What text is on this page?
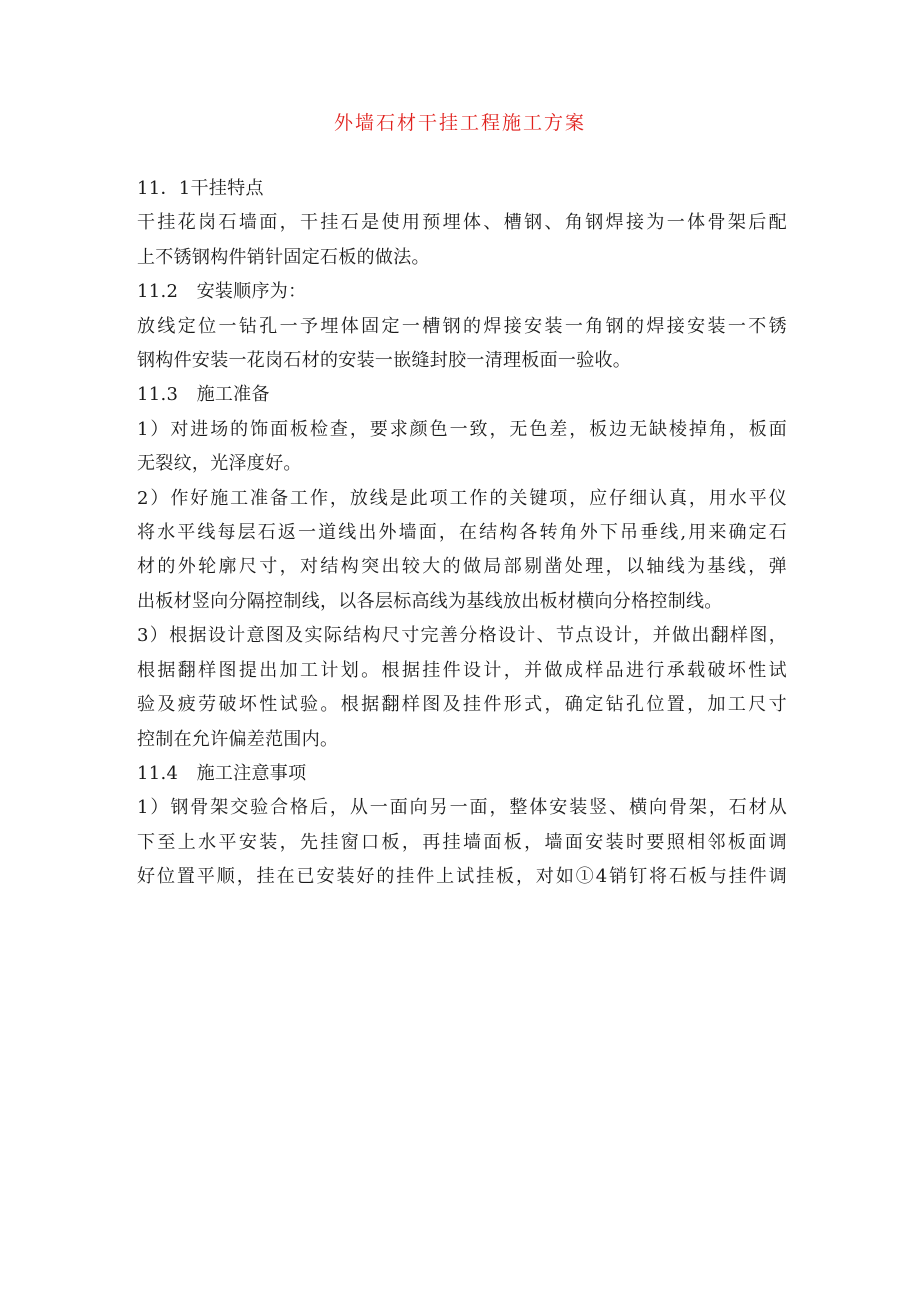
外墙石材干挂工程施工方案
11．1干挂特点
干挂花岗石墙面，干挂石是使用预埋体、槽钢、角钢焊接为一体骨架后配
上不锈钢构件销针固定石板的做法。
11.2　安装顺序为：
放线定位一钻孔一予埋体固定一槽钢的焊接安装一角钢的焊接安装一不锈
钢构件安装一花岗石材的安装一嵌缝封胶一清理板面一验收。
11.3　施工准备
1）对进场的饰面板检查，要求颜色一致，无色差，板边无缺棱掉角，板面
无裂纹，光泽度好。
2）作好施工准备工作，放线是此项工作的关键项，应仔细认真，用水平仪
将水平线每层石返一道线出外墙面，在结构各转角外下吊垂线,用来确定石
材的外轮廓尺寸，对结构突出较大的做局部剔凿处理，以轴线为基线，弹
出板材竖向分隔控制线，以各层标高线为基线放出板材横向分格控制线。
3）根据设计意图及实际结构尺寸完善分格设计、节点设计，并做出翻样图，
根据翻样图提出加工计划。根据挂件设计，并做成样品进行承载破坏性试
验及疲劳破坏性试验。根据翻样图及挂件形式，确定钻孔位置，加工尺寸
控制在允许偏差范围内。
11.4　施工注意事项
1）钢骨架交验合格后，从一面向另一面，整体安装竖、横向骨架，石材从
下至上水平安装，先挂窗口板，再挂墙面板，墙面安装时要照相邻板面调
好位置平顺，挂在已安装好的挂件上试挂板，对如①4销钉将石板与挂件调
